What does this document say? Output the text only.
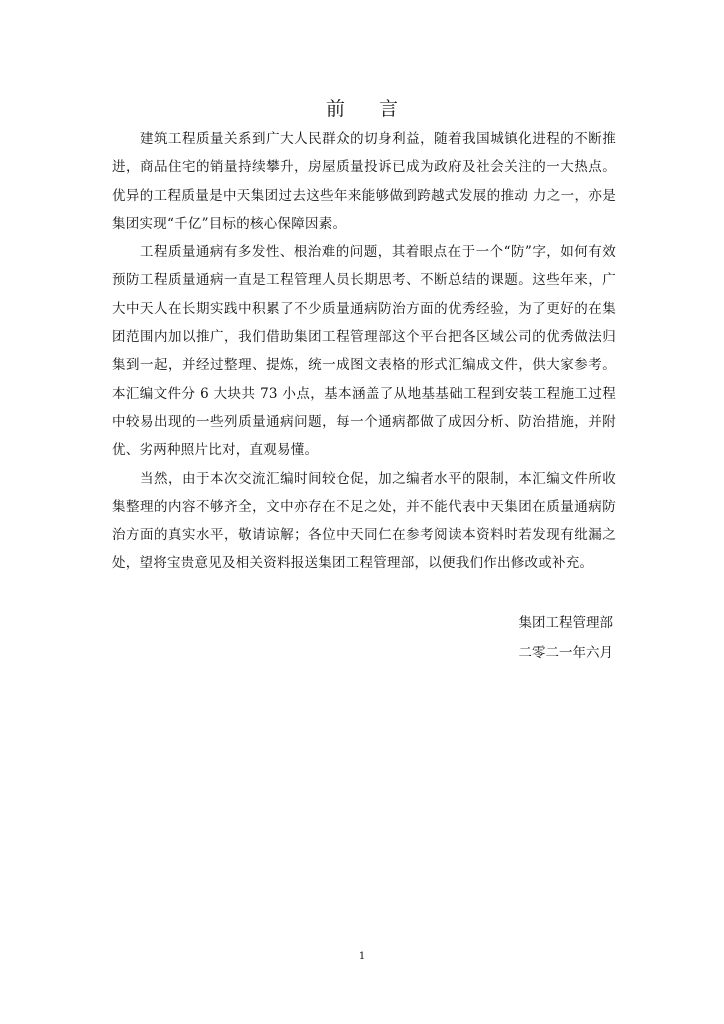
前 言

建筑工程质量关系到广大人民群众的切身利益，随着我国城镇化进程的不断推进，商品住宅的销量持续攀升，房屋质量投诉已成为政府及社会关注的一大热点。优异的工程质量是中天集团过去这些年来能够做到跨越式发展的推动 力之一，亦是集团实现“千亿”目标的核心保障因素。

工程质量通病有多发性、根治难的问题，其着眼点在于一个“防”字，如何有效预防工程质量通病一直是工程管理人员长期思考、不断总结的课题。这些年来，广大中天人在长期实践中积累了不少质量通病防治方面的优秀经验，为了更好的在集团范围内加以推广，我们借助集团工程管理部这个平台把各区域公司的优秀做法归集到一起，并经过整理、提炼，统一成图文表格的形式汇编成文件，供大家参考。本汇编文件分 6 大块共 73 小点，基本涵盖了从地基基础工程到安装工程施工过程中较易出现的一些列质量通病问题，每一个通病都做了成因分析、防治措施，并附优、劣两种照片比对，直观易懂。

当然，由于本次交流汇编时间较仓促，加之编者水平的限制，本汇编文件所收集整理的内容不够齐全，文中亦存在不足之处，并不能代表中天集团在质量通病防治方面的真实水平，敬请谅解；各位中天同仁在参考阅读本资料时若发现有纰漏之处，望将宝贵意见及相关资料报送集团工程管理部，以便我们作出修改或补充。

集团工程管理部

二零二一年六月

1
